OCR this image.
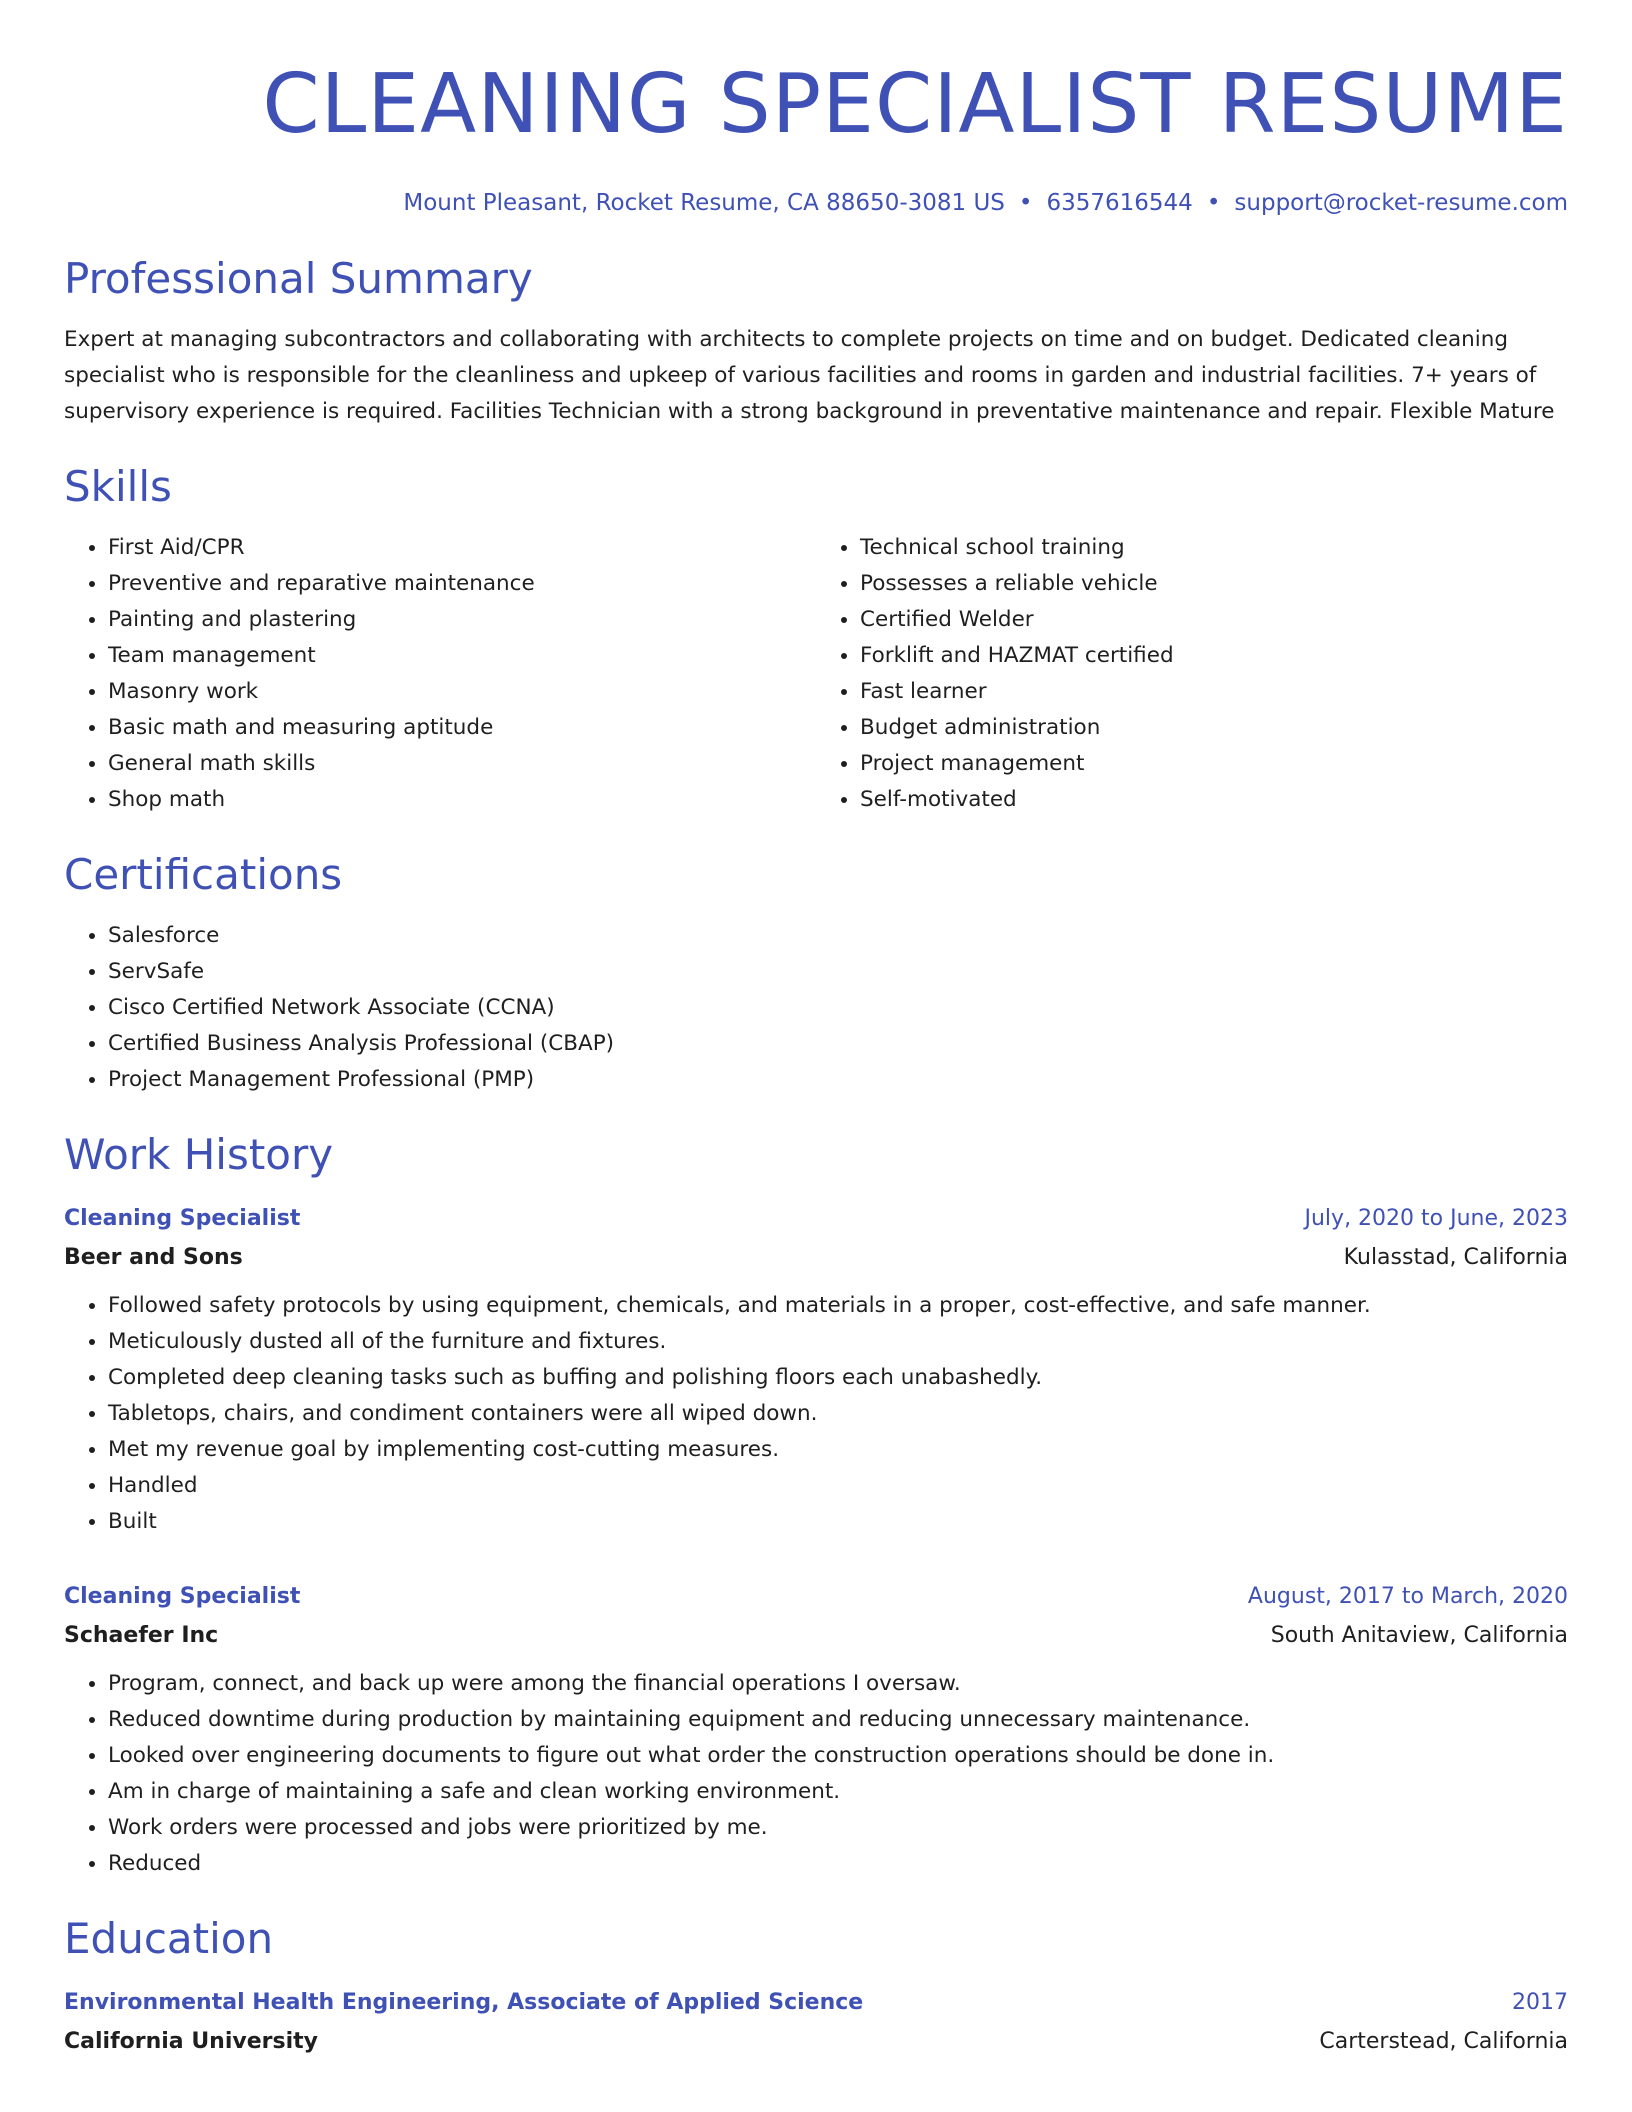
CLEANING SPECIALIST RESUME
Mount Pleasant, Rocket Resume, CA 88650-3081 US • 6357616544 • support@rocket-resume.com
Professional Summary

Expert at managing subcontractors and collaborating with architects to complete projects on time and on budget. Dedicated cleaning specialist who is responsible for the cleanliness and upkeep of various facilities and rooms in garden and industrial facilities. 7+ years of supervisory experience is required. Facilities Technician with a strong background in preventative maintenance and repair. Flexible Mature

Skills
• First Aid/CPR
• Preventive and reparative maintenance
• Painting and plastering
• Team management
• Masonry work
• Basic math and measuring aptitude
• General math skills
• Shop math
• Technical school training
• Possesses a reliable vehicle
• Certified Welder
• Forklift and HAZMAT certified
• Fast learner
• Budget administration
• Project management
• Self-motivated
Certifications
• Salesforce
• ServSafe
• Cisco Certified Network Associate (CCNA)
• Certified Business Analysis Professional (CBAP)
• Project Management Professional (PMP)
Work History
Cleaning Specialist	July, 2020 to June, 2023
Beer and Sons	Kulasstad, California
• Followed safety protocols by using equipment, chemicals, and materials in a proper, cost-effective, and safe manner.
• Meticulously dusted all of the furniture and fixtures.
• Completed deep cleaning tasks such as buffing and polishing floors each unabashedly.
• Tabletops, chairs, and condiment containers were all wiped down.
• Met my revenue goal by implementing cost-cutting measures.
• Handled
• Built
Cleaning Specialist	August, 2017 to March, 2020
Schaefer Inc	South Anitaview, California
• Program, connect, and back up were among the financial operations I oversaw.
• Reduced downtime during production by maintaining equipment and reducing unnecessary maintenance.
• Looked over engineering documents to figure out what order the construction operations should be done in.
• Am in charge of maintaining a safe and clean working environment.
• Work orders were processed and jobs were prioritized by me.
• Reduced
Education
Environmental Health Engineering, Associate of Applied Science	2017
California University	Carterstead, California
